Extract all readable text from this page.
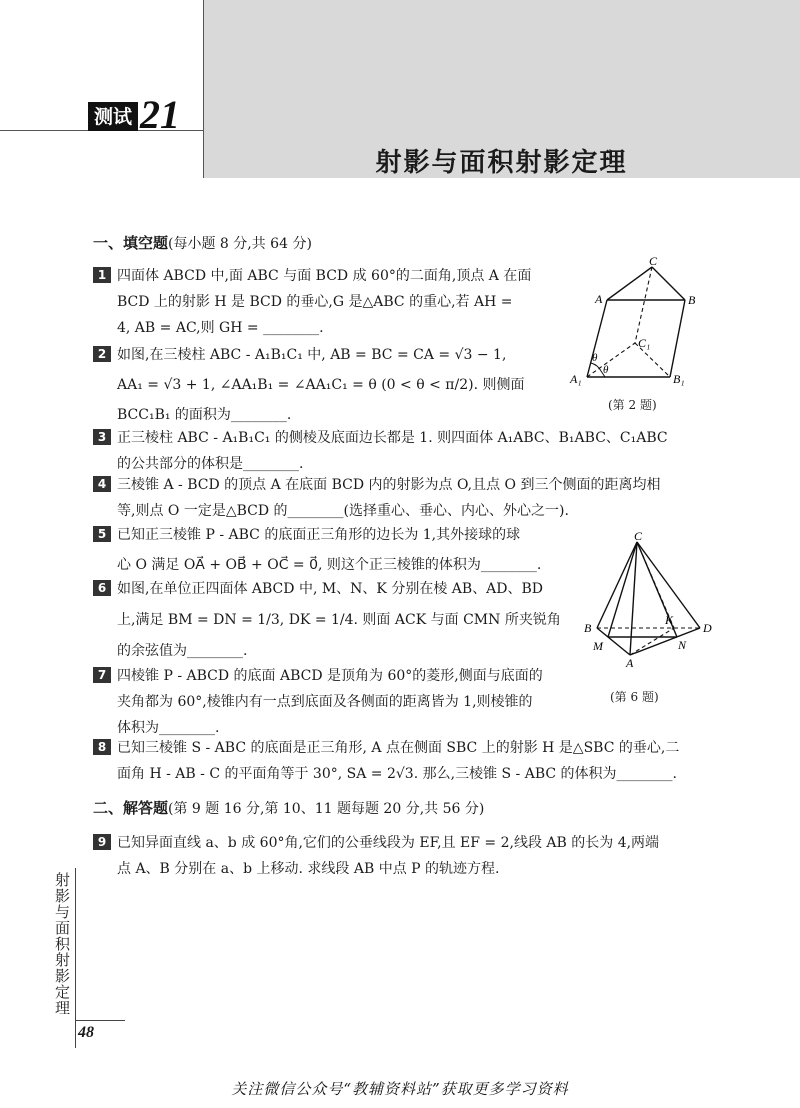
测试 21
射影与面积射影定理
一、填空题(每小题 8 分,共 64 分)
1 四面体 ABCD 中,面 ABC 与面 BCD 成 60°的二面角,顶点 A 在面
BCD 上的射影 H 是 BCD 的垂心,G 是△ABC 的重心,若 AH =
4, AB = AC,则 GH = ________.
2 如图,在三棱柱 ABC - A₁B₁C₁ 中, AB = BC = CA = √3 − 1,
AA₁ = √3 + 1, ∠AA₁B₁ = ∠AA₁C₁ = θ (0 < θ < π/2). 则侧面
BCC₁B₁ 的面积为________.
3 正三棱柱 ABC - A₁B₁C₁ 的侧棱及底面边长都是 1. 则四面体 A₁ABC、B₁ABC、C₁ABC
的公共部分的体积是________.
4 三棱锥 A - BCD 的顶点 A 在底面 BCD 内的射影为点 O,且点 O 到三个侧面的距离均相
等,则点 O 一定是△BCD 的________(选择重心、垂心、内心、外心之一).
5 已知正三棱锥 P - ABC 的底面正三角形的边长为 1,其外接球的球
心 O 满足 OA⃗ + OB⃗ + OC⃗ = 0⃗, 则这个正三棱锥的体积为________.
6 如图,在单位正四面体 ABCD 中, M、N、K 分别在棱 AB、AD、BD
上,满足 BM = DN = 1/3, DK = 1/4. 则面 ACK 与面 CMN 所夹锐角
的余弦值为________.
7 四棱锥 P - ABCD 的底面 ABCD 是顶角为 60°的菱形,侧面与底面的
夹角都为 60°,棱锥内有一点到底面及各侧面的距离皆为 1,则棱锥的
体积为________.
8 已知三棱锥 S - ABC 的底面是正三角形, A 点在侧面 SBC 上的射影 H 是△SBC 的垂心,二
面角 H - AB - C 的平面角等于 30°, SA = 2√3. 那么,三棱锥 S - ABC 的体积为________.
二、解答题(第 9 题 16 分,第 10、11 题每题 20 分,共 56 分)
9 已知异面直线 a、b 成 60°角,它们的公垂线段为 EF,且 EF = 2,线段 AB 的长为 4,两端
点 A、B 分别在 a、b 上移动. 求线段 AB 中点 P 的轨迹方程.
C
A	B
C₁
A₁	B₁
θ
θ
(第 2 题)
C
B	D
K
M	N
A
(第 6 题)
射影与面积射影定理
48
关注微信公众号“教辅资料站”获取更多学习资料
